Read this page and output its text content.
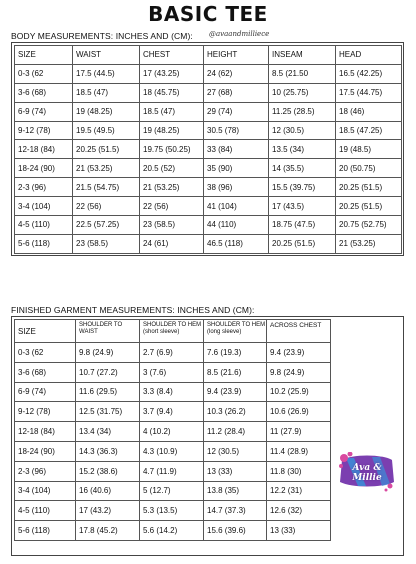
BASIC TEE
@avaandmilliece
BODY MEASUREMENTS: INCHES AND (CM):
SIZE	WAIST	CHEST	HEIGHT	INSEAM	HEAD
0-3 (62	17.5 (44.5)	17 (43.25)	24 (62)	8.5 (21.50	16.5 (42.25)
3-6 (68)	18.5 (47)	18 (45.75)	27 (68)	10 (25.75)	17.5 (44.75)
6-9 (74)	19 (48.25)	18.5 (47)	29 (74)	11.25 (28.5)	18 (46)
9-12 (78)	19.5 (49.5)	19 (48.25)	30.5 (78)	12 (30.5)	18.5 (47.25)
12-18 (84)	20.25 (51.5)	19.75 (50.25)	33 (84)	13.5 (34)	19 (48.5)
18-24 (90)	21 (53.25)	20.5 (52)	35 (90)	14 (35.5)	20 (50.75)
2-3 (96)	21.5 (54.75)	21 (53.25)	38 (96)	15.5 (39.75)	20.25 (51.5)
3-4 (104)	22 (56)	22 (56)	41 (104)	17 (43.5)	20.25 (51.5)
4-5 (110)	22.5 (57.25)	23 (58.5)	44 (110)	18.75 (47.5)	20.75 (52.75)
5-6 (118)	23 (58.5)	24 (61)	46.5 (118)	20.25 (51.5)	21 (53.25)
FINISHED GARMENT MEASUREMENTS: INCHES AND (CM):
SIZE	SHOULDER TO WAIST	SHOULDER TO HEM (short sleeve)	SHOULDER TO HEM (long sleeve)	ACROSS CHEST
0-3 (62	9.8 (24.9)	2.7 (6.9)	7.6 (19.3)	9.4 (23.9)
3-6 (68)	10.7 (27.2)	3 (7.6)	8.5 (21.6)	9.8 (24.9)
6-9 (74)	11.6 (29.5)	3.3 (8.4)	9.4 (23.9)	10.2 (25.9)
9-12 (78)	12.5 (31.75)	3.7 (9.4)	10.3 (26.2)	10.6 (26.9)
12-18 (84)	13.4 (34)	4 (10.2)	11.2 (28.4)	11 (27.9)
18-24 (90)	14.3 (36.3)	4.3 (10.9)	12 (30.5)	11.4 (28.9)
2-3 (96)	15.2 (38.6)	4.7 (11.9)	13 (33)	11.8 (30)
3-4 (104)	16 (40.6)	5 (12.7)	13.8 (35)	12.2 (31)
4-5 (110)	17 (43.2)	5.3 (13.5)	14.7 (37.3)	12.6 (32)
5-6 (118)	17.8 (45.2)	5.6 (14.2)	15.6 (39.6)	13 (33)
Ava & Millie
